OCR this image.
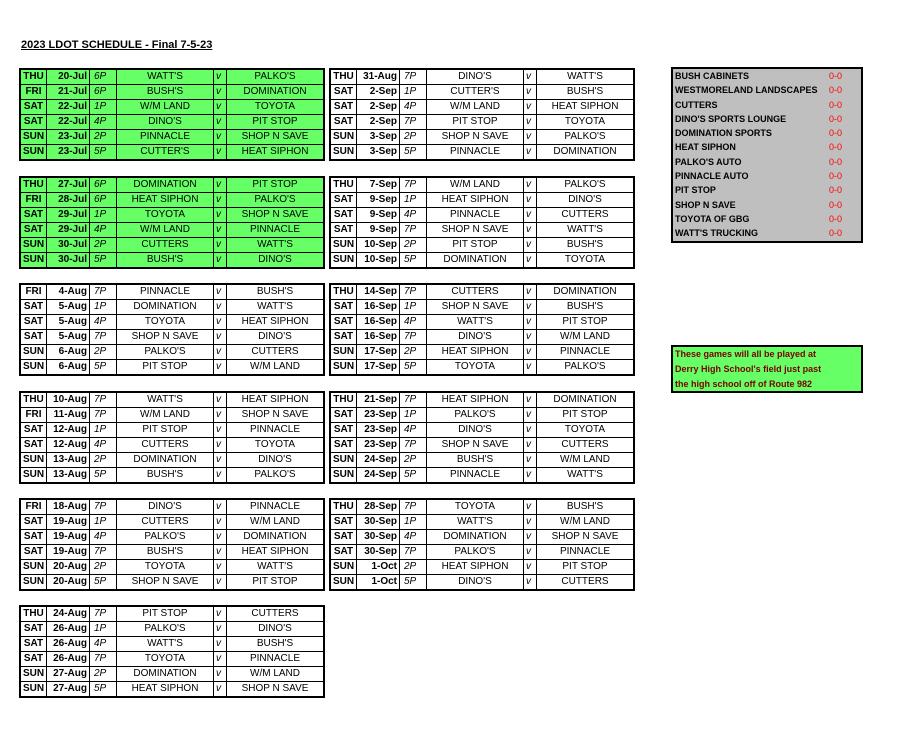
2023 LDOT SCHEDULE - Final 7-5-23
THU	20-Jul	6P	WATT'S	v	PALKO'S
FRI	21-Jul	6P	BUSH'S	v	DOMINATION
SAT	22-Jul	1P	W/M LAND	v	TOYOTA
SAT	22-Jul	4P	DINO'S	v	PIT STOP
SUN	23-Jul	2P	PINNACLE	v	SHOP N SAVE
SUN	23-Jul	5P	CUTTER'S	v	HEAT SIPHON
THU	27-Jul	6P	DOMINATION	v	PIT STOP
FRI	28-Jul	6P	HEAT SIPHON	v	PALKO'S
SAT	29-Jul	1P	TOYOTA	v	SHOP N SAVE
SAT	29-Jul	4P	W/M LAND	v	PINNACLE
SUN	30-Jul	2P	CUTTERS	v	WATT'S
SUN	30-Jul	5P	BUSH'S	v	DINO'S
FRI	4-Aug	7P	PINNACLE	v	BUSH'S
SAT	5-Aug	1P	DOMINATION	v	WATT'S
SAT	5-Aug	4P	TOYOTA	v	HEAT SIPHON
SAT	5-Aug	7P	SHOP N SAVE	v	DINO'S
SUN	6-Aug	2P	PALKO'S	v	CUTTERS
SUN	6-Aug	5P	PIT STOP	v	W/M LAND
THU	10-Aug	7P	WATT'S	v	HEAT SIPHON
FRI	11-Aug	7P	W/M LAND	v	SHOP N SAVE
SAT	12-Aug	1P	PIT STOP	v	PINNACLE
SAT	12-Aug	4P	CUTTERS	v	TOYOTA
SUN	13-Aug	2P	DOMINATION	v	DINO'S
SUN	13-Aug	5P	BUSH'S	v	PALKO'S
FRI	18-Aug	7P	DINO'S	v	PINNACLE
SAT	19-Aug	1P	CUTTERS	v	W/M LAND
SAT	19-Aug	4P	PALKO'S	v	DOMINATION
SAT	19-Aug	7P	BUSH'S	v	HEAT SIPHON
SUN	20-Aug	2P	TOYOTA	v	WATT'S
SUN	20-Aug	5P	SHOP N SAVE	v	PIT STOP
THU	24-Aug	7P	PIT STOP	v	CUTTERS
SAT	26-Aug	1P	PALKO'S	v	DINO'S
SAT	26-Aug	4P	WATT'S	v	BUSH'S
SAT	26-Aug	7P	TOYOTA	v	PINNACLE
SUN	27-Aug	2P	DOMINATION	v	W/M LAND
SUN	27-Aug	5P	HEAT SIPHON	v	SHOP N SAVE
THU	31-Aug	7P	DINO'S	v	WATT'S
SAT	2-Sep	1P	CUTTER'S	v	BUSH'S
SAT	2-Sep	4P	W/M LAND	v	HEAT SIPHON
SAT	2-Sep	7P	PIT STOP	v	TOYOTA
SUN	3-Sep	2P	SHOP N SAVE	v	PALKO'S
SUN	3-Sep	5P	PINNACLE	v	DOMINATION
THU	7-Sep	7P	W/M LAND	v	PALKO'S
SAT	9-Sep	1P	HEAT SIPHON	v	DINO'S
SAT	9-Sep	4P	PINNACLE	v	CUTTERS
SAT	9-Sep	7P	SHOP N SAVE	v	WATT'S
SUN	10-Sep	2P	PIT STOP	v	BUSH'S
SUN	10-Sep	5P	DOMINATION	v	TOYOTA
THU	14-Sep	7P	CUTTERS	v	DOMINATION
SAT	16-Sep	1P	SHOP N SAVE	v	BUSH'S
SAT	16-Sep	4P	WATT'S	v	PIT STOP
SAT	16-Sep	7P	DINO'S	v	W/M LAND
SUN	17-Sep	2P	HEAT SIPHON	v	PINNACLE
SUN	17-Sep	5P	TOYOTA	v	PALKO'S
THU	21-Sep	7P	HEAT SIPHON	v	DOMINATION
SAT	23-Sep	1P	PALKO'S	v	PIT STOP
SAT	23-Sep	4P	DINO'S	v	TOYOTA
SAT	23-Sep	7P	SHOP N SAVE	v	CUTTERS
SUN	24-Sep	2P	BUSH'S	v	W/M LAND
SUN	24-Sep	5P	PINNACLE	v	WATT'S
THU	28-Sep	7P	TOYOTA	v	BUSH'S
SAT	30-Sep	1P	WATT'S	v	W/M LAND
SAT	30-Sep	4P	DOMINATION	v	SHOP N SAVE
SAT	30-Sep	7P	PALKO'S	v	PINNACLE
SUN	1-Oct	2P	HEAT SIPHON	v	PIT STOP
SUN	1-Oct	5P	DINO'S	v	CUTTERS
BUSH CABINETS	0-0
WESTMORELAND LANDSCAPES	0-0
CUTTERS	0-0
DINO'S SPORTS LOUNGE	0-0
DOMINATION SPORTS	0-0
HEAT SIPHON	0-0
PALKO'S AUTO	0-0
PINNACLE AUTO	0-0
PIT STOP	0-0
SHOP N SAVE	0-0
TOYOTA OF GBG	0-0
WATT'S TRUCKING	0-0
These games will all be played at
Derry High School's field just past
the high school off of Route 982
